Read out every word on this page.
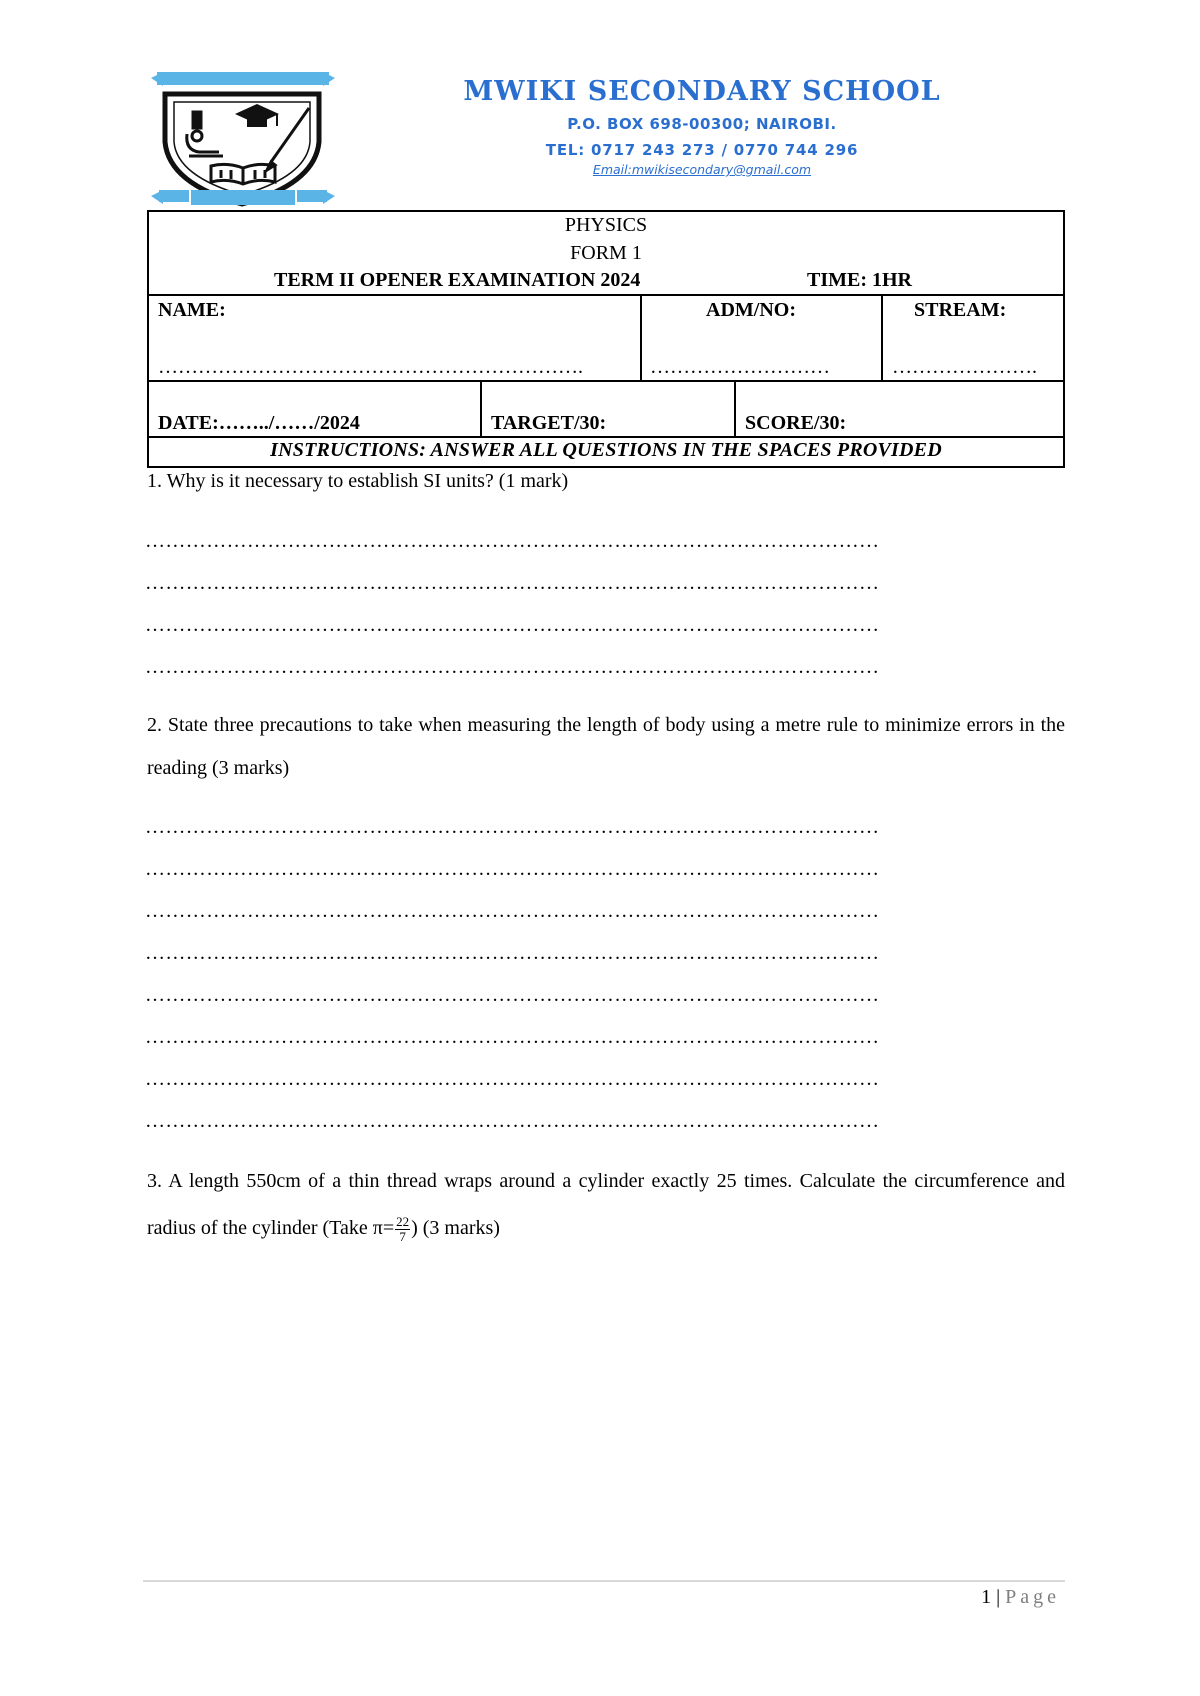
MWIKI SECONDARY SCHOOL
P.O. BOX 698-00300; NAIROBI.
TEL: 0717 243 273 / 0770 744 296
Email:mwikisecondary@gmail.com
PHYSICS
FORM 1
TERM II OPENER EXAMINATION 2024	TIME: 1HR
NAME:
……………………………………………………….
ADM/NO:
………………………
STREAM:
………………….
DATE:……../……/2024	TARGET/30:	SCORE/30:
INSTRUCTIONS: ANSWER ALL QUESTIONS IN THE SPACES PROVIDED
1. Why is it necessary to establish SI units? (1 mark)
………………………………………………………………………………………………
………………………………………………………………………………………………
………………………………………………………………………………………………
………………………………………………………………………………………………
2. State three precautions to take when measuring the length of body using a metre rule to minimize errors in the reading (3 marks)
………………………………………………………………………………………………
………………………………………………………………………………………………
………………………………………………………………………………………………
………………………………………………………………………………………………
………………………………………………………………………………………………
………………………………………………………………………………………………
………………………………………………………………………………………………
………………………………………………………………………………………………
3. A length 550cm of a thin thread wraps around a cylinder exactly 25 times. Calculate the circumference and radius of the cylinder (Take $\pi= \frac{22}{7}$ ) (3 marks)
1 | Page
